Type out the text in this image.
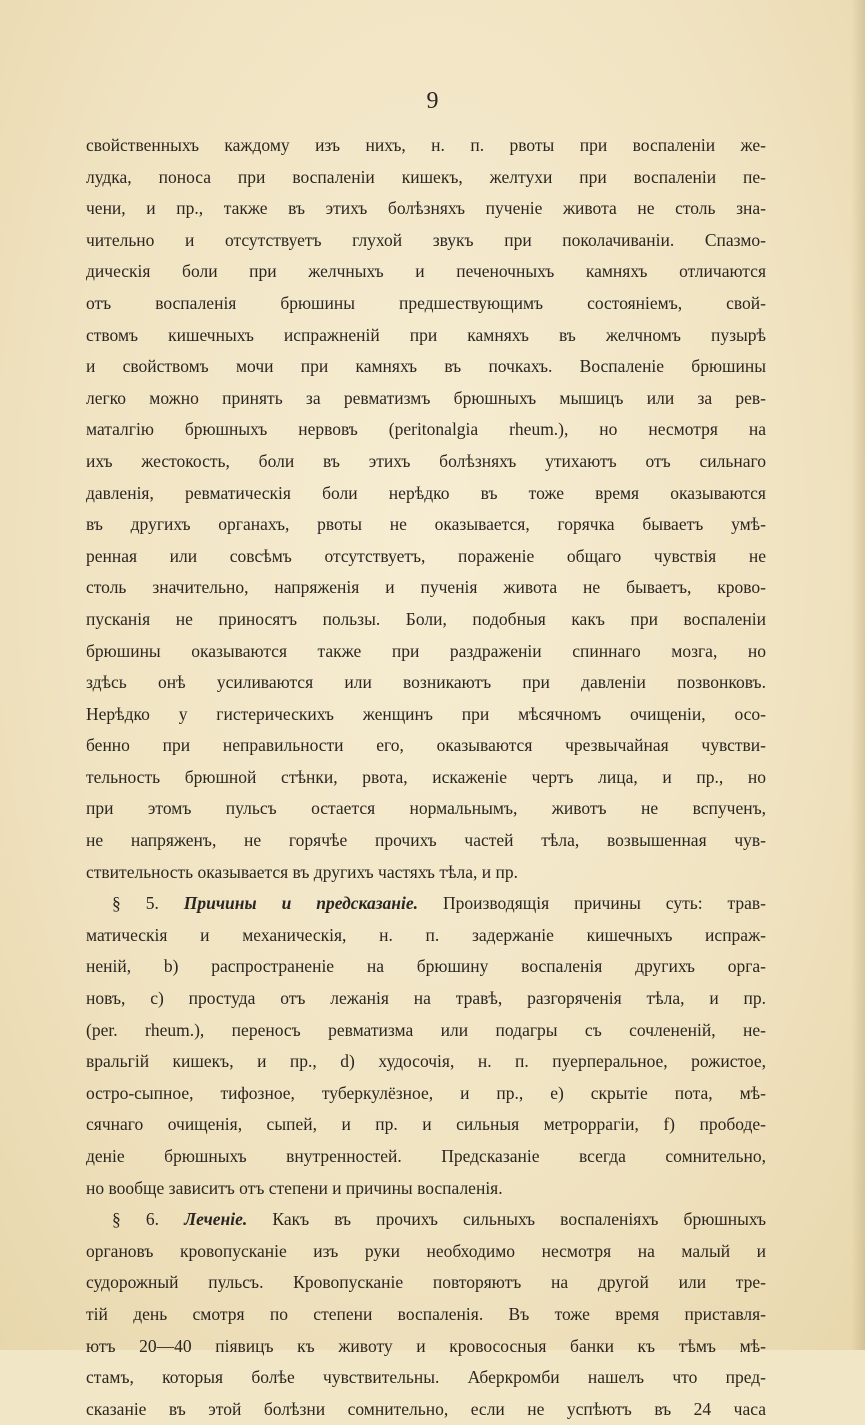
9
свойственныхъ каждому изъ нихъ, н. п. рвоты при воспаленіи же-
лудка, поноса при воспаленіи кишекъ, желтухи при воспаленіи пе-
чени, и пр., также въ этихъ болѣзняхъ пученіе живота не столь зна-
чительно и отсутствуетъ глухой звукъ при поколачиваніи. Спазмо-
дическія боли при желчныхъ и печеночныхъ камняхъ отличаются
отъ воспаленія брюшины предшествующимъ состояніемъ, свой-
ствомъ кишечныхъ испражненій при камняхъ въ желчномъ пузырѣ
и свойствомъ мочи при камняхъ въ почкахъ. Воспаленіе брюшины
легко можно принять за ревматизмъ брюшныхъ мышицъ или за рев-
маталгію брюшныхъ нервовъ (peritonalgia rheum.), но несмотря на
ихъ жестокость, боли въ этихъ болѣзняхъ утихаютъ отъ сильнаго
давленія, ревматическія боли нерѣдко въ тоже время оказываются
въ другихъ органахъ, рвоты не оказывается, горячка бываетъ умѣ-
ренная или совсѣмъ отсутствуетъ, пораженіе общаго чувствія не
столь значительно, напряженія и пученія живота не бываетъ, крово-
пусканія не приносятъ пользы. Боли, подобныя какъ при воспаленіи
брюшины оказываются также при раздраженіи спиннаго мозга, но
здѣсь онѣ усиливаются или возникаютъ при давленіи позвонковъ.
Нерѣдко у гистерическихъ женщинъ при мѣсячномъ очищеніи, осо-
бенно при неправильности его, оказываются чрезвычайная чувстви-
тельность брюшной стѣнки, рвота, искаженіе чертъ лица, и пр., но
при этомъ пульсъ остается нормальнымъ, животъ не вспученъ,
не напряженъ, не горячѣе прочихъ частей тѣла, возвышенная чув-
ствительность оказывается въ другихъ частяхъ тѣла, и пр.
§ 5. Причины и предсказаніе. Производящія причины суть: трав-
матическія и механическія, н. п. задержаніе кишечныхъ испраж-
неній, b) распространеніе на брюшину воспаленія другихъ орга-
новъ, c) простуда отъ лежанія на травѣ, разгоряченія тѣла, и пр.
(per. rheum.), переносъ ревматизма или подагры съ сочлененій, не-
вральгій кишекъ, и пр., d) худосочія, н. п. пуерперальное, рожистое,
остро-сыпное, тифозное, туберкулёзное, и пр., e) скрытіе пота, мѣ-
сячнаго очищенія, сыпей, и пр. и сильныя метроррагіи, f) прободе-
деніе брюшныхъ внутренностей. Предсказаніе всегда сомнительно,
но вообще зависитъ отъ степени и причины воспаленія.
§ 6. Леченіе. Какъ въ прочихъ сильныхъ воспаленіяхъ брюшныхъ
органовъ кровопусканіе изъ руки необходимо несмотря на малый и
судорожный пульсъ. Кровопусканіе повторяютъ на другой или тре-
тій день смотря по степени воспаленія. Въ тоже время приставля-
ютъ 20—40 піявицъ къ животу и кровососныя банки къ тѣмъ мѣ-
стамъ, которыя болѣе чувствительны. Аберкромби нашелъ что пред-
сказаніе въ этой болѣзни сомнительно, если не успѣютъ въ 24 часа
